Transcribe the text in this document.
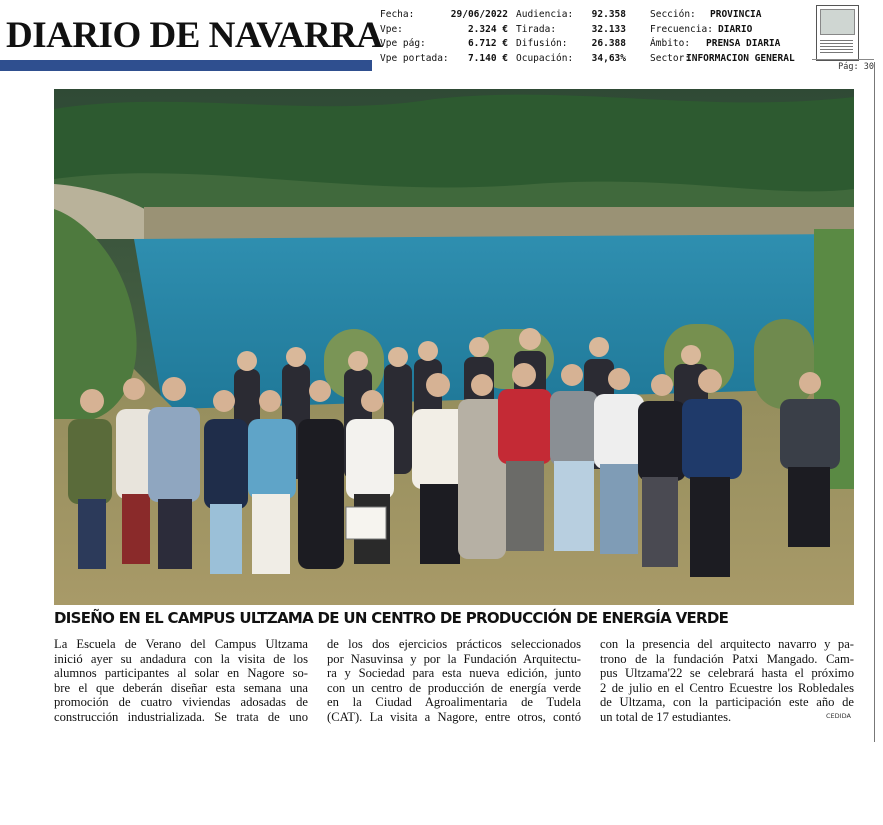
DIARIO DE NAVARRA
Fecha:	29/06/2022
Vpe:	2.324 €
Vpe pág:	6.712 €
Vpe portada:	7.140 €
Audiencia:	92.358
Tirada:	32.133
Difusión:	26.388
Ocupación:	34,63%
Sección:	PROVINCIA
Frecuencia: DIARIO
Ámbito:	PRENSA DIARIA
Sector:
INFORMACION GENERAL
Pág: 30
DISEÑO EN EL CAMPUS ULTZAMA DE UN CENTRO DE PRODUCCIÓN DE ENERGÍA VERDE
La Escuela de Verano del Campus Ultzama
inició ayer su andadura con la visita de los
alumnos participantes al solar en Nagore so-
bre el que deberán diseñar esta semana una
promoción de cuatro viviendas adosadas de
construcción industrializada. Se trata de uno
de los dos ejercicios prácticos seleccionados
por Nasuvinsa y por la Fundación Arquitectu-
ra y Sociedad para esta nueva edición, junto
con un centro de producción de energía verde
en la Ciudad Agroalimentaria de Tudela
(CAT). La visita a Nagore, entre otros, contó
con la presencia del arquitecto navarro y pa-
trono de la fundación Patxi Mangado. Cam-
pus Ultzama'22 se celebrará hasta el próximo
2 de julio en el Centro Ecuestre los Robledales
de Ultzama, con la participación este año de
un total de 17 estudiantes.	CEDIDA
